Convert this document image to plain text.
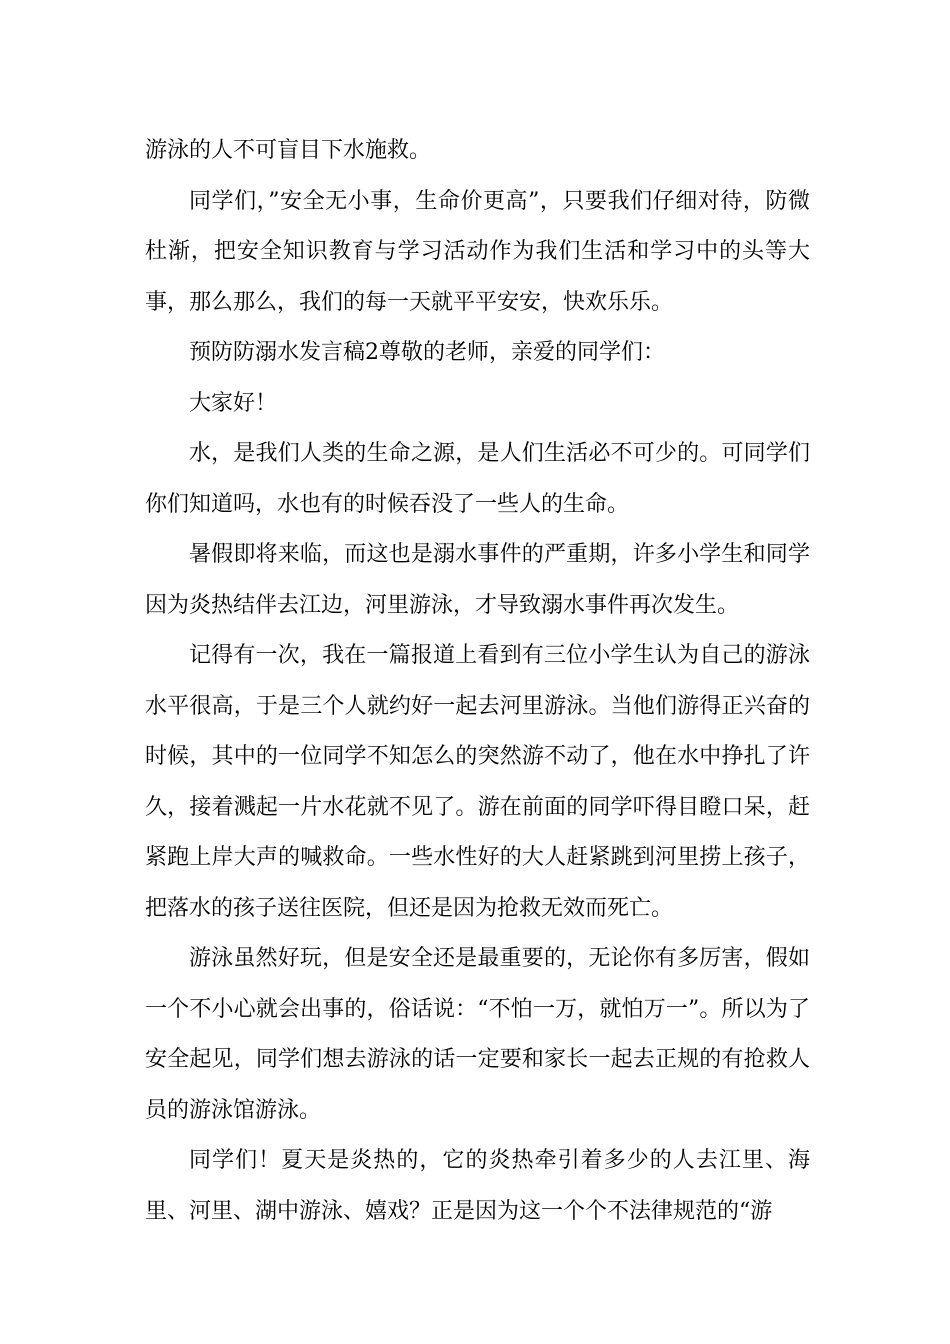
游泳的人不可盲目下水施救。

同学们，”安全无小事，生命价更高”，只要我们仔细对待，防微杜渐，把安全知识教育与学习活动作为我们生活和学习中的头等大事，那么那么，我们的每一天就平平安安，快欢乐乐。

预防防溺水发言稿2尊敬的老师，亲爱的同学们：

大家好！

水，是我们人类的生命之源，是人们生活必不可少的。可同学们你们知道吗，水也有的时候吞没了一些人的生命。

暑假即将来临，而这也是溺水事件的严重期，许多小学生和同学因为炎热结伴去江边，河里游泳，才导致溺水事件再次发生。

记得有一次，我在一篇报道上看到有三位小学生认为自己的游泳水平很高，于是三个人就约好一起去河里游泳。当他们游得正兴奋的时候，其中的一位同学不知怎么的突然游不动了，他在水中挣扎了许久，接着溅起一片水花就不见了。游在前面的同学吓得目瞪口呆，赶紧跑上岸大声的喊救命。一些水性好的大人赶紧跳到河里捞上孩子，把落水的孩子送往医院，但还是因为抢救无效而死亡。

游泳虽然好玩，但是安全还是最重要的，无论你有多厉害，假如一个不小心就会出事的，俗话说：“不怕一万，就怕万一”。所以为了安全起见，同学们想去游泳的话一定要和家长一起去正规的有抢救人员的游泳馆游泳。

同学们！夏天是炎热的，它的炎热牵引着多少的人去江里、海里、河里、湖中游泳、嬉戏？正是因为这一个个不法律规范的“游
